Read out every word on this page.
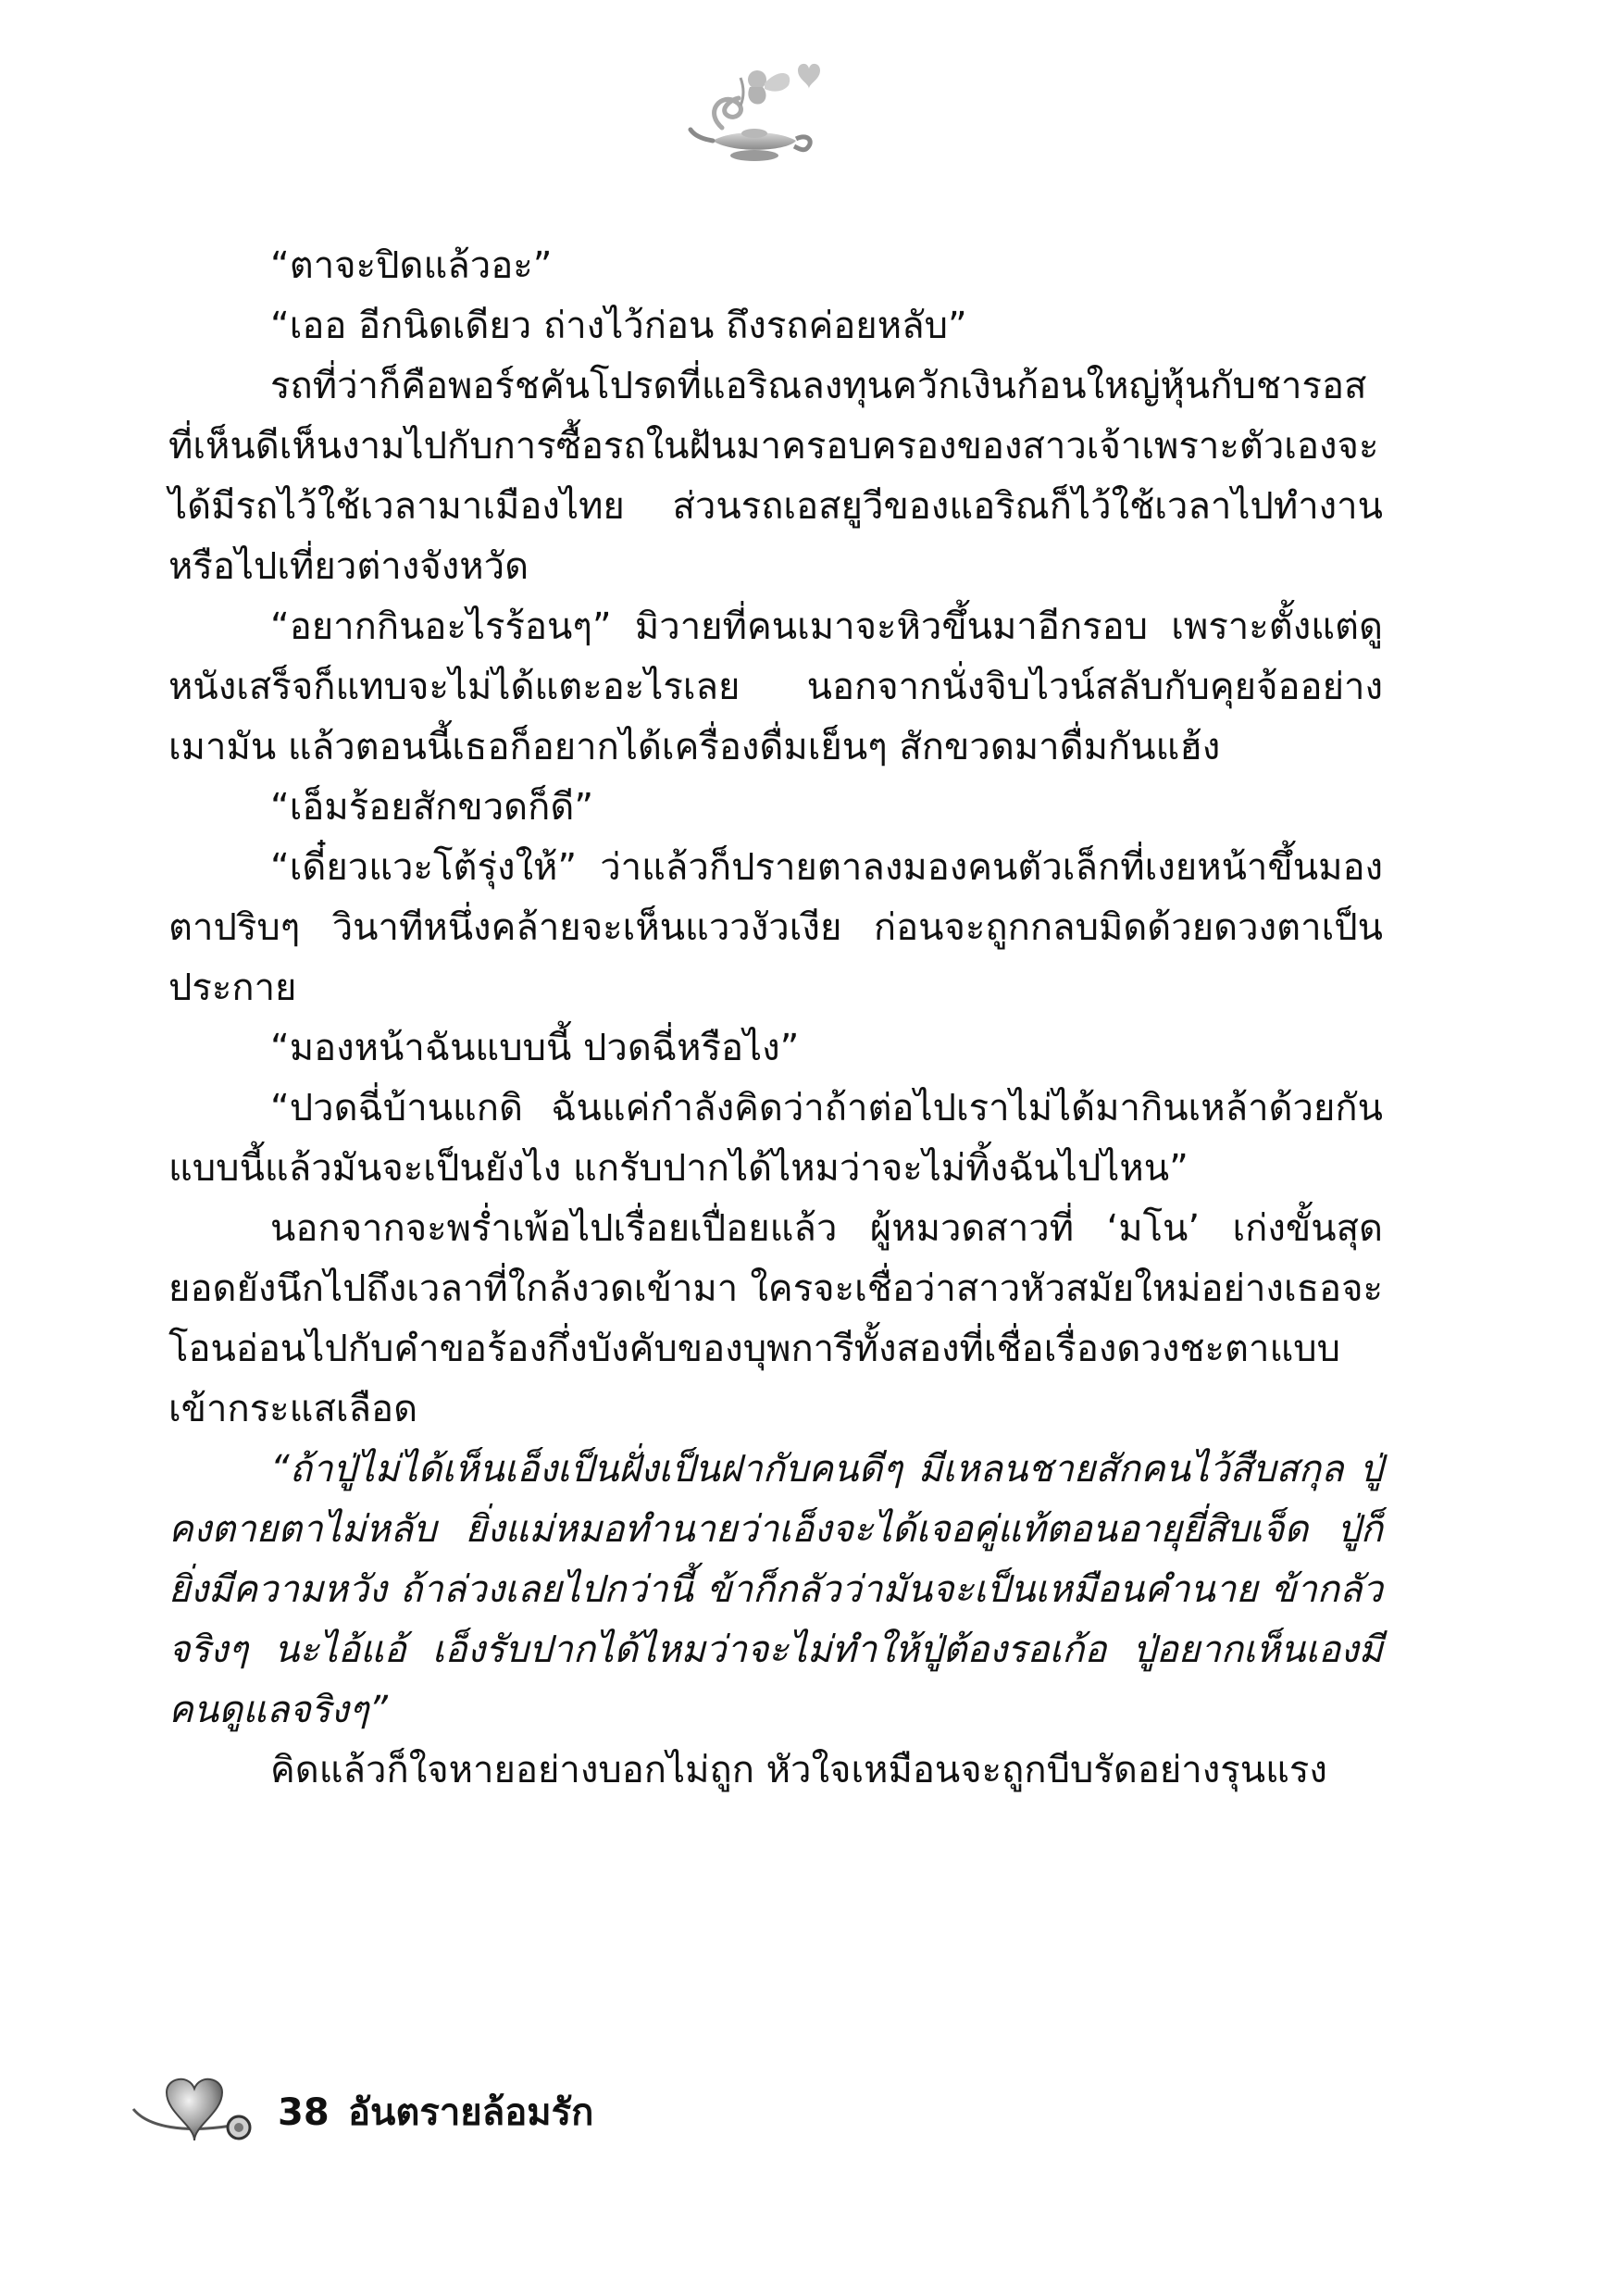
“ตาจะปิดแล้วอะ”

“เออ อีกนิดเดียว ถ่างไว้ก่อน ถึงรถค่อยหลับ”

รถที่ว่าก็คือพอร์ชคันโปรดที่แอริณลงทุนควักเงินก้อนใหญ่หุ้นกับชารอสที่เห็นดีเห็นงามไปกับการซื้อรถในฝันมาครอบครองของสาวเจ้าเพราะตัวเองจะได้มีรถไว้ใช้เวลามาเมืองไทย ส่วนรถเอสยูวีของแอริณก็ไว้ใช้เวลาไปทำงานหรือไปเที่ยวต่างจังหวัด

“อยากกินอะไรร้อนๆ” มิวายที่คนเมาจะหิวขึ้นมาอีกรอบ เพราะตั้งแต่ดูหนังเสร็จก็แทบจะไม่ได้แตะอะไรเลย นอกจากนั่งจิบไวน์สลับกับคุยจ้ออย่างเมามัน แล้วตอนนี้เธอก็อยากได้เครื่องดื่มเย็นๆ สักขวดมาดื่มกันแฮ้ง

“เอ็มร้อยสักขวดก็ดี”

“เดี๋ยวแวะโต้รุ่งให้” ว่าแล้วก็ปรายตาลงมองคนตัวเล็กที่เงยหน้าขึ้นมองตาปริบๆ วินาทีหนึ่งคล้ายจะเห็นแววงัวเงีย ก่อนจะถูกกลบมิดด้วยดวงตาเป็นประกาย

“มองหน้าฉันแบบนี้ ปวดฉี่หรือไง”

“ปวดฉี่บ้านแกดิ ฉันแค่กำลังคิดว่าถ้าต่อไปเราไม่ได้มากินเหล้าด้วยกันแบบนี้แล้วมันจะเป็นยังไง แกรับปากได้ไหมว่าจะไม่ทิ้งฉันไปไหน”

นอกจากจะพร่ำเพ้อไปเรื่อยเปื่อยแล้ว ผู้หมวดสาวที่ ‘มโน’ เก่งขั้นสุดยอดยังนึกไปถึงเวลาที่ใกล้งวดเข้ามา ใครจะเชื่อว่าสาวหัวสมัยใหม่อย่างเธอจะโอนอ่อนไปกับคำขอร้องกึ่งบังคับของบุพการีทั้งสองที่เชื่อเรื่องดวงชะตาแบบเข้ากระแสเลือด

“ถ้าปู่ไม่ได้เห็นเอ็งเป็นฝั่งเป็นฝากับคนดีๆ มีเหลนชายสักคนไว้สืบสกุล ปู่คงตายตาไม่หลับ ยิ่งแม่หมอทำนายว่าเอ็งจะได้เจอคู่แท้ตอนอายุยี่สิบเจ็ด ปู่ก็ยิ่งมีความหวัง ถ้าล่วงเลยไปกว่านี้ ข้าก็กลัวว่ามันจะเป็นเหมือนคำนาย ข้ากลัวจริงๆ นะไอ้แอ้ เอ็งรับปากได้ไหมว่าจะไม่ทำให้ปู่ต้องรอเก้อ ปู่อยากเห็นเองมีคนดูแลจริงๆ”

คิดแล้วก็ใจหายอย่างบอกไม่ถูก หัวใจเหมือนจะถูกบีบรัดอย่างรุนแรง

38 อันตรายล้อมรัก
